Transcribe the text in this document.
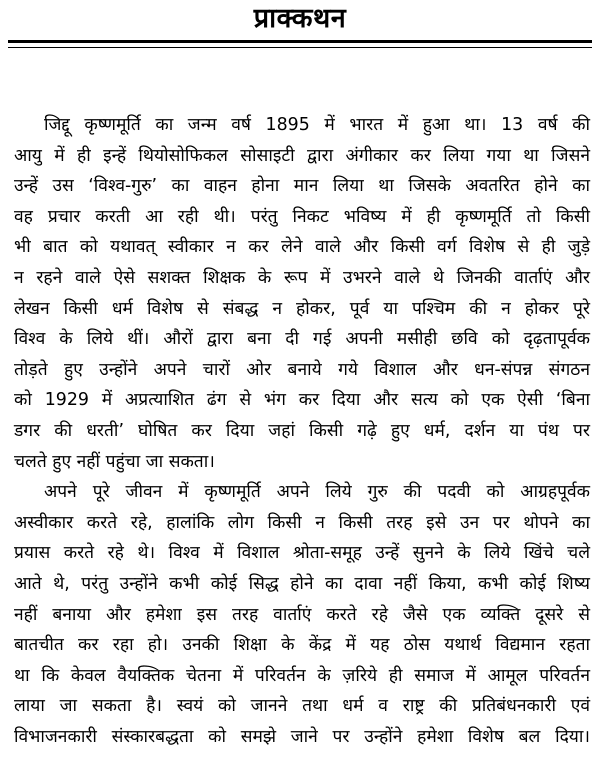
प्राक्कथन
जिद्दू कृष्णमूर्ति का जन्म वर्ष 1895 में भारत में हुआ था। 13 वर्ष की
आयु में ही इन्हें थियोसोफिकल सोसाइटी द्वारा अंगीकार कर लिया गया था जिसने
उन्हें उस ‘विश्व-गुरु’ का वाहन होना मान लिया था जिसके अवतरित होने का
वह प्रचार करती आ रही थी। परंतु निकट भविष्य में ही कृष्णमूर्ति तो किसी
भी बात को यथावत् स्वीकार न कर लेने वाले और किसी वर्ग विशेष से ही जुड़े
न रहने वाले ऐसे सशक्त शिक्षक के रूप में उभरने वाले थे जिनकी वार्ताएं और
लेखन किसी धर्म विशेष से संबद्ध न होकर, पूर्व या पश्चिम की न होकर पूरे
विश्व के लिये थीं। औरों द्वारा बना दी गई अपनी मसीही छवि को दृढ़तापूर्वक
तोड़ते हुए उन्होंने अपने चारों ओर बनाये गये विशाल और धन-संपन्न संगठन
को 1929 में अप्रत्याशित ढंग से भंग कर दिया और सत्य को एक ऐसी ‘बिना
डगर की धरती’ घोषित कर दिया जहां किसी गढ़े हुए धर्म, दर्शन या पंथ पर
चलते हुए नहीं पहुंचा जा सकता।
अपने पूरे जीवन में कृष्णमूर्ति अपने लिये गुरु की पदवी को आग्रहपूर्वक
अस्वीकार करते रहे, हालांकि लोग किसी न किसी तरह इसे उन पर थोपने का
प्रयास करते रहे थे। विश्व में विशाल श्रोता-समूह उन्हें सुनने के लिये खिंचे चले
आते थे, परंतु उन्होंने कभी कोई सिद्ध होने का दावा नहीं किया, कभी कोई शिष्य
नहीं बनाया और हमेशा इस तरह वार्ताएं करते रहे जैसे एक व्यक्ति दूसरे से
बातचीत कर रहा हो। उनकी शिक्षा के केंद्र में यह ठोस यथार्थ विद्यमान रहता
था कि केवल वैयक्तिक चेतना में परिवर्तन के ज़रिये ही समाज में आमूल परिवर्तन
लाया जा सकता है। स्वयं को जानने तथा धर्म व राष्ट्र की प्रतिबंधनकारी एवं
विभाजनकारी संस्कारबद्धता को समझे जाने पर उन्होंने हमेशा विशेष बल दिया।
